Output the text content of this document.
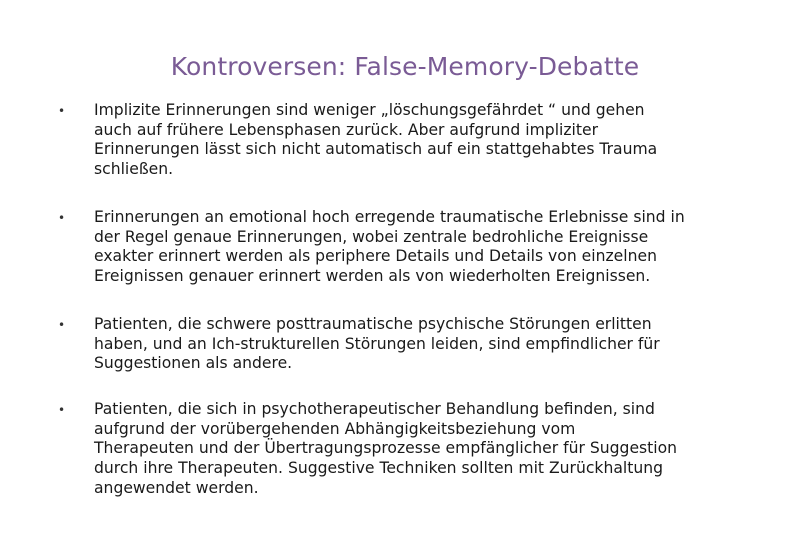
Kontroversen: False-Memory-Debatte
• Implizite Erinnerungen sind weniger „löschungsgefährdet “ und gehen
auch auf frühere Lebensphasen zurück. Aber aufgrund impliziter
Erinnerungen lässt sich nicht automatisch auf ein stattgehabtes Trauma
schließen.
• Erinnerungen an emotional hoch erregende traumatische Erlebnisse sind in
der Regel genaue Erinnerungen, wobei zentrale bedrohliche Ereignisse
exakter erinnert werden als periphere Details und Details von einzelnen
Ereignissen genauer erinnert werden als von wiederholten Ereignissen.
• Patienten, die schwere posttraumatische psychische Störungen erlitten
haben, und an Ich-strukturellen Störungen leiden, sind empfindlicher für
Suggestionen als andere.
• Patienten, die sich in psychotherapeutischer Behandlung befinden, sind
aufgrund der vorübergehenden Abhängigkeitsbeziehung vom
Therapeuten und der Übertragungsprozesse empfänglicher für Suggestion
durch ihre Therapeuten. Suggestive Techniken sollten mit Zurückhaltung
angewendet werden.
